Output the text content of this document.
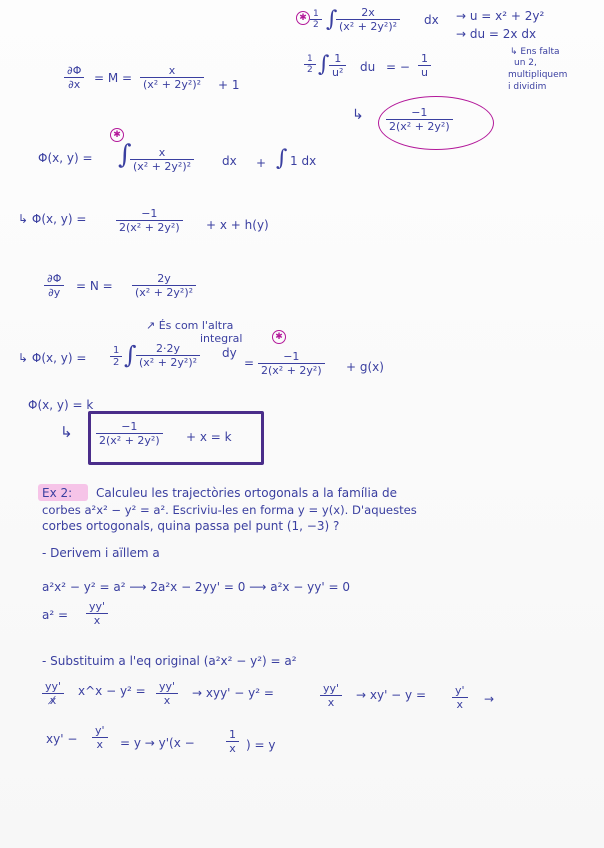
✱ $\frac{1}{2}$ ∫
$\frac{2x}{\text{(x² + 2y²)²}}$ dx → u = x² + 2y²
→ du = 2x dx
$\frac{1}{2}$ ∫ $\frac{1}{\text{u²}}$ du = − $\frac{1}{u}$	↳ Ens falta
un 2,
multipliquem
i dividim
↳ $\frac{-1}{\text{2(x² + 2y²)}}$
$\frac{\partial\Phi}{\partial x} = M = \frac{x}{\text{(x² + 2y²)²}} + 1$
✱
Φ(x, y) = ∫
$\frac{x}{\text{(x² + 2y²)²}}$ dx + ∫ 1 dx
↳ Φ(x, y) =	$\frac{-1}{\text{2(x² + 2y²)}} + x + h(y)$
$\frac{\partial\Phi}{\partial y} = N = \frac{2y}{\text{(x² + 2y²)²}}$
↗ És com l'altra
integral	✱
↳ Φ(x, $y) = \frac{1}{2}$ ∫ $\frac{2\cdot 2y}{\text{(x² + 2y²)²}}$ dy
= $\frac{-1}{\text{2(x² + 2y²)}} + g(x)$
Φ(x, y) = k
↳ $\frac{-1}{\text{2(x² + 2y²)}} + x = k$
Ex 2: Calculeu les trajectòries ortogonals a la família de
corbes a²x² − y² = a². Escriviu-les en forma y = y(x). D'aquestes
corbes ortogonals, quina passa pel punt (1, −3) ?
- Derivem i aïllem a
a²x² − y² = a² ⟶ 2a²x − 2yy' = 0 ⟶ a²x − yy' = 0
$a^2 = \frac{yy'}{x}$
- Substituim a l'eq original (a²x² − y²) = a²
$\frac{yy'}{x̸}$ x^x − $y^2 = \frac{yy'}{x} \to xyy' - y^2$ =	$\frac{yy'}{x} \to xy' - y = \frac{y'}{x}$ →
$xy' - \frac{y'}{x} = y \to y'(x$ −	$\frac{1}{x}$ ) = y
